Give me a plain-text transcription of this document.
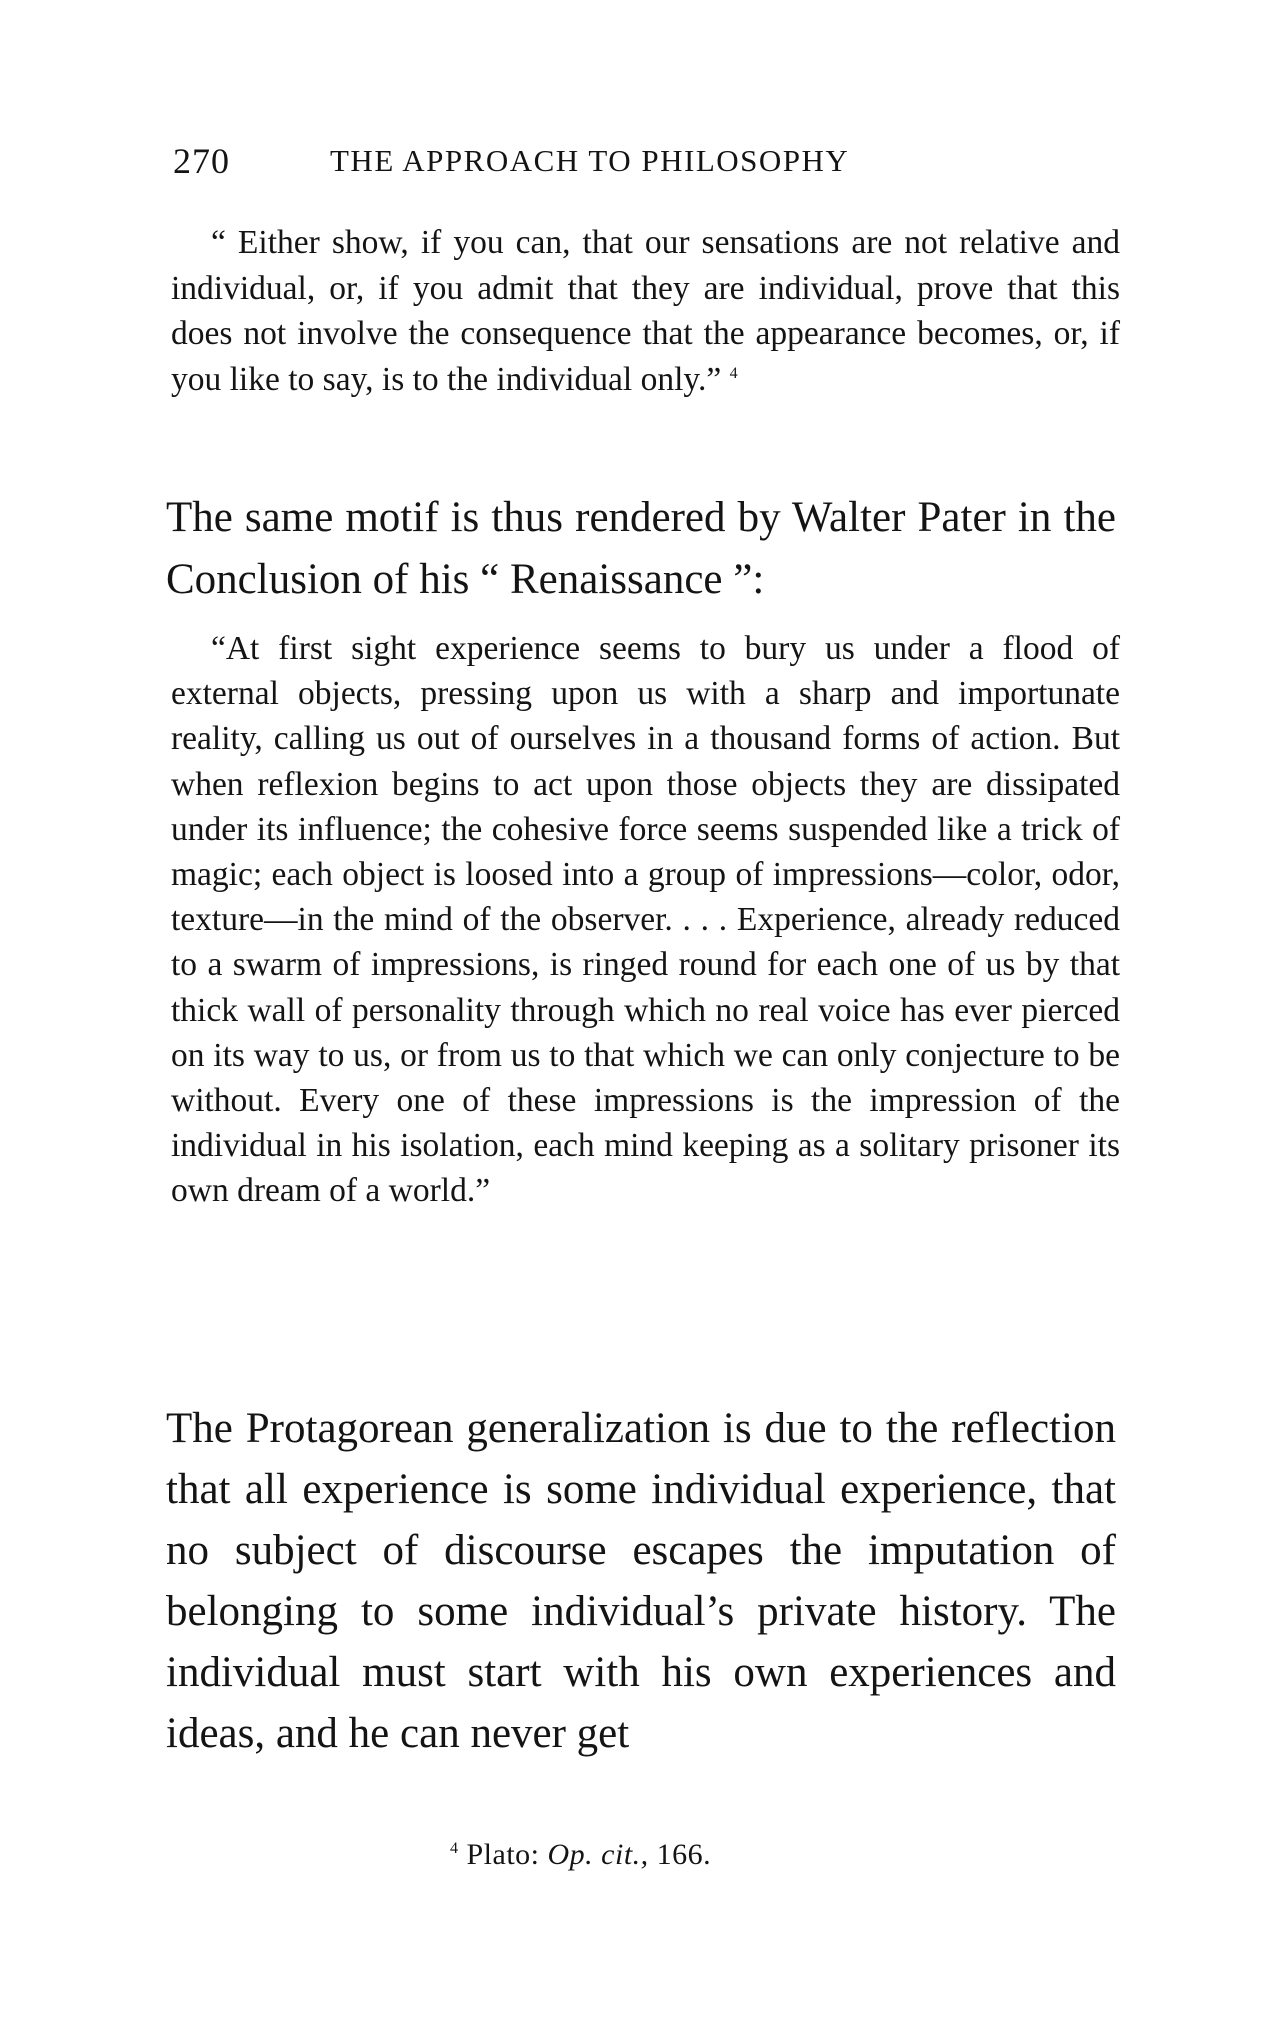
270	THE APPROACH TO PHILOSOPHY

“ Either show, if you can, that our sensations are not relative and individual, or, if you admit that they are individual, prove that this does not involve the consequence that the appearance becomes, or, if you like to say, is to the individual only.” $^4$

The same motif is thus rendered by Walter Pater in the Conclusion of his “ Renaissance ”:

“At first sight experience seems to bury us under a flood of external objects, pressing upon us with a sharp and importunate reality, calling us out of ourselves in a thousand forms of action. But when reflexion begins to act upon those objects they are dissipated under its influence; the cohesive force seems suspended like a trick of magic; each object is loosed into a group of impressions—color, odor, texture—in the mind of the observer. . . . Experience, already reduced to a swarm of impressions, is ringed round for each one of us by that thick wall of personality through which no real voice has ever pierced on its way to us, or from us to that which we can only conjecture to be without. Every one of these impressions is the impression of the individual in his isolation, each mind keeping as a solitary prisoner its own dream of a world.”

The Protagorean generalization is due to the reflection that all experience is some individual experience, that no subject of discourse escapes the imputation of belonging to some individual’s private history. The individual must start with his own experiences and ideas, and he can never get

$^4$ Plato: Op. cit., 166.
